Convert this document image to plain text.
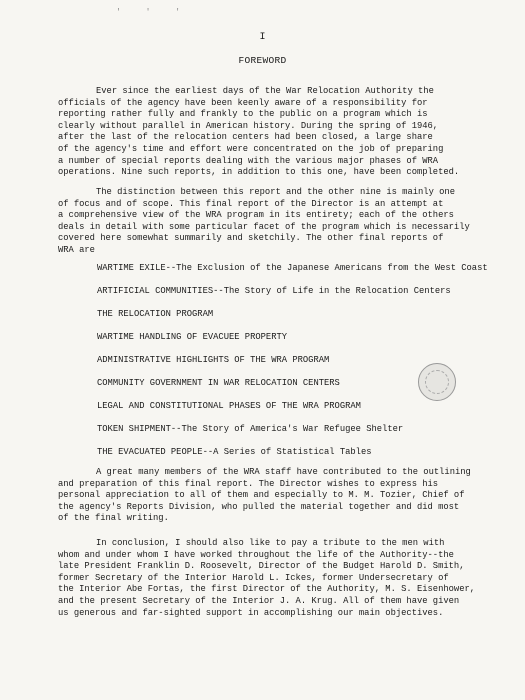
' ' '
I
FOREWORD
Ever since the earliest days of the War Relocation Authority the
officials of the agency have been keenly aware of a responsibility for
reporting rather fully and frankly to the public on a program which is
clearly without parallel in American history. During the spring of 1946,
after the last of the relocation centers had been closed, a large share
of the agency's time and effort were concentrated on the job of preparing
a number of special reports dealing with the various major phases of WRA
operations. Nine such reports, in addition to this one, have been completed.
The distinction between this report and the other nine is mainly one
of focus and of scope. This final report of the Director is an attempt at
a comprehensive view of the WRA program in its entirety; each of the others
deals in detail with some particular facet of the program which is necessarily
covered here somewhat summarily and sketchily. The other final reports of
WRA are
WARTIME EXILE--The Exclusion of the Japanese Americans from the West Coast
ARTIFICIAL COMMUNITIES--The Story of Life in the Relocation Centers
THE RELOCATION PROGRAM
WARTIME HANDLING OF EVACUEE PROPERTY
ADMINISTRATIVE HIGHLIGHTS OF THE WRA PROGRAM
COMMUNITY GOVERNMENT IN WAR RELOCATION CENTERS
LEGAL AND CONSTITUTIONAL PHASES OF THE WRA PROGRAM
TOKEN SHIPMENT--The Story of America's War Refugee Shelter
THE EVACUATED PEOPLE--A Series of Statistical Tables
A great many members of the WRA staff have contributed to the outlining
and preparation of this final report. The Director wishes to express his
personal appreciation to all of them and especially to M. M. Tozier, Chief of
the agency's Reports Division, who pulled the material together and did most
of the final writing.
In conclusion, I should also like to pay a tribute to the men with
whom and under whom I have worked throughout the life of the Authority--the
late President Franklin D. Roosevelt, Director of the Budget Harold D. Smith,
former Secretary of the Interior Harold L. Ickes, former Undersecretary of
the Interior Abe Fortas, the first Director of the Authority, M. S. Eisenhower,
and the present Secretary of the Interior J. A. Krug. All of them have given
us generous and far-sighted support in accomplishing our main objectives.
